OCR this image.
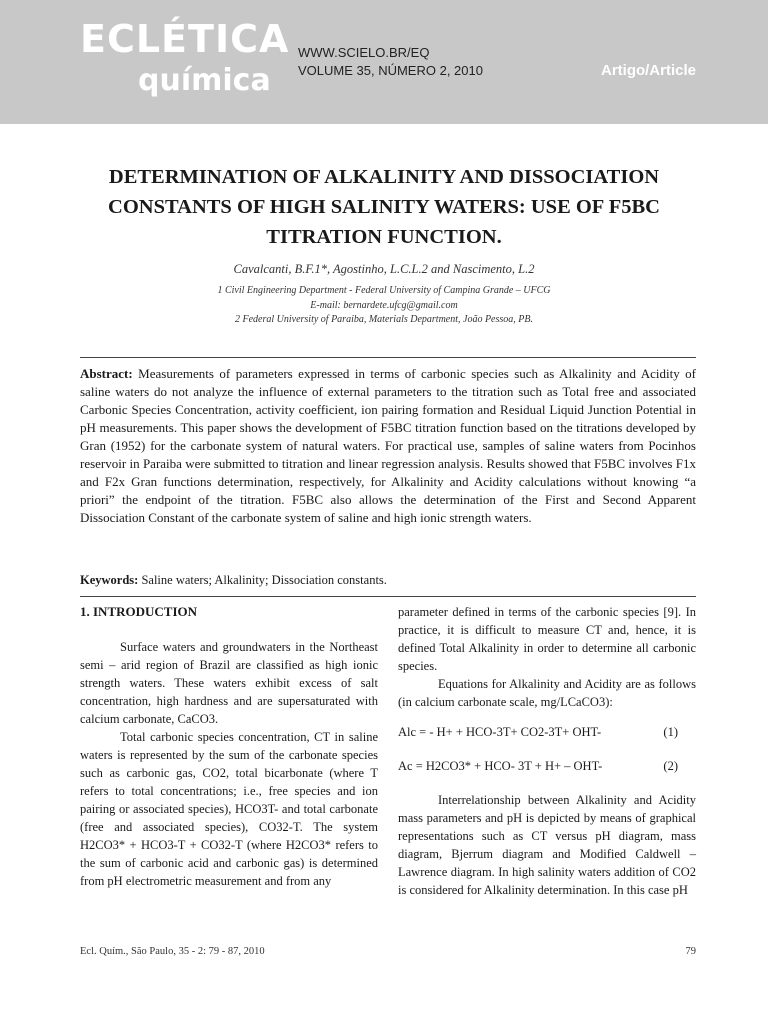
ECLÉTICA
química
WWW.SCIELO.BR/EQ
VOLUME 35, NÚMERO 2, 2010	Artigo/Article
DETERMINATION OF ALKALINITY AND DISSOCIATION CONSTANTS OF HIGH SALINITY WATERS: USE OF F5BC TITRATION FUNCTION.
Cavalcanti, B.F.1*, Agostinho, L.C.L.2 and Nascimento, L.2
1 Civil Engineering Department - Federal University of Campina Grande – UFCG
E-mail: bernardete.ufcg@gmail.com
2 Federal University of Paraiba, Materials Department, João Pessoa, PB.
Abstract: Measurements of parameters expressed in terms of carbonic species such as Alkalinity and Acidity of saline waters do not analyze the influence of external parameters to the titration such as Total free and associated Carbonic Species Concentration, activity coefficient, ion pairing formation and Residual Liquid Junction Potential in pH measurements. This paper shows the development of F5BC titration function based on the titrations developed by Gran (1952) for the carbonate system of natural waters. For practical use, samples of saline waters from Pocinhos reservoir in Paraiba were submitted to titration and linear regression analysis. Results showed that F5BC involves F1x and F2x Gran functions determination, respectively, for Alkalinity and Acidity calculations without knowing “a priori” the endpoint of the titration. F5BC also allows the determination of the First and Second Apparent Dissociation Constant of the carbonate system of saline and high ionic strength waters.
Keywords: Saline waters; Alkalinity; Dissociation constants.
1. INTRODUCTION

Surface waters and groundwaters in the Northeast semi – arid region of Brazil are classified as high ionic strength waters. These waters exhibit excess of salt concentration, high hardness and are supersaturated with calcium carbonate, CaCO3.

Total carbonic species concentration, CT in saline waters is represented by the sum of the carbonate species such as carbonic gas, CO2, total bicarbonate (where T refers to total concentrations; i.e., free species and ion pairing or associated species), HCO3T- and total carbonate (free and associated species), CO32-T. The system H2CO3* + HCO3-T + CO32-T (where H2CO3* refers to the sum of carbonic acid and carbonic gas) is determined from pH electrometric measurement and from any

parameter defined in terms of the carbonic species [9]. In practice, it is difficult to measure CT and, hence, it is defined Total Alkalinity in order to determine all carbonic species.

Equations for Alkalinity and Acidity are as follows (in calcium carbonate scale, mg/LCaCO3):

Alc = - H+ + HCO-3T+ CO2-3T+ OHT-	(1)
Ac = H2CO3* + HCO- 3T + H+ – OHT-	(2)

Interrelationship between Alkalinity and Acidity mass parameters and pH is depicted by means of graphical representations such as CT versus pH diagram, mass diagram, Bjerrum diagram and Modified Caldwell – Lawrence diagram. In high salinity waters addition of CO2 is considered for Alkalinity determination. In this case pH

Ecl. Quím., São Paulo, 35 - 2: 79 - 87, 2010	79
